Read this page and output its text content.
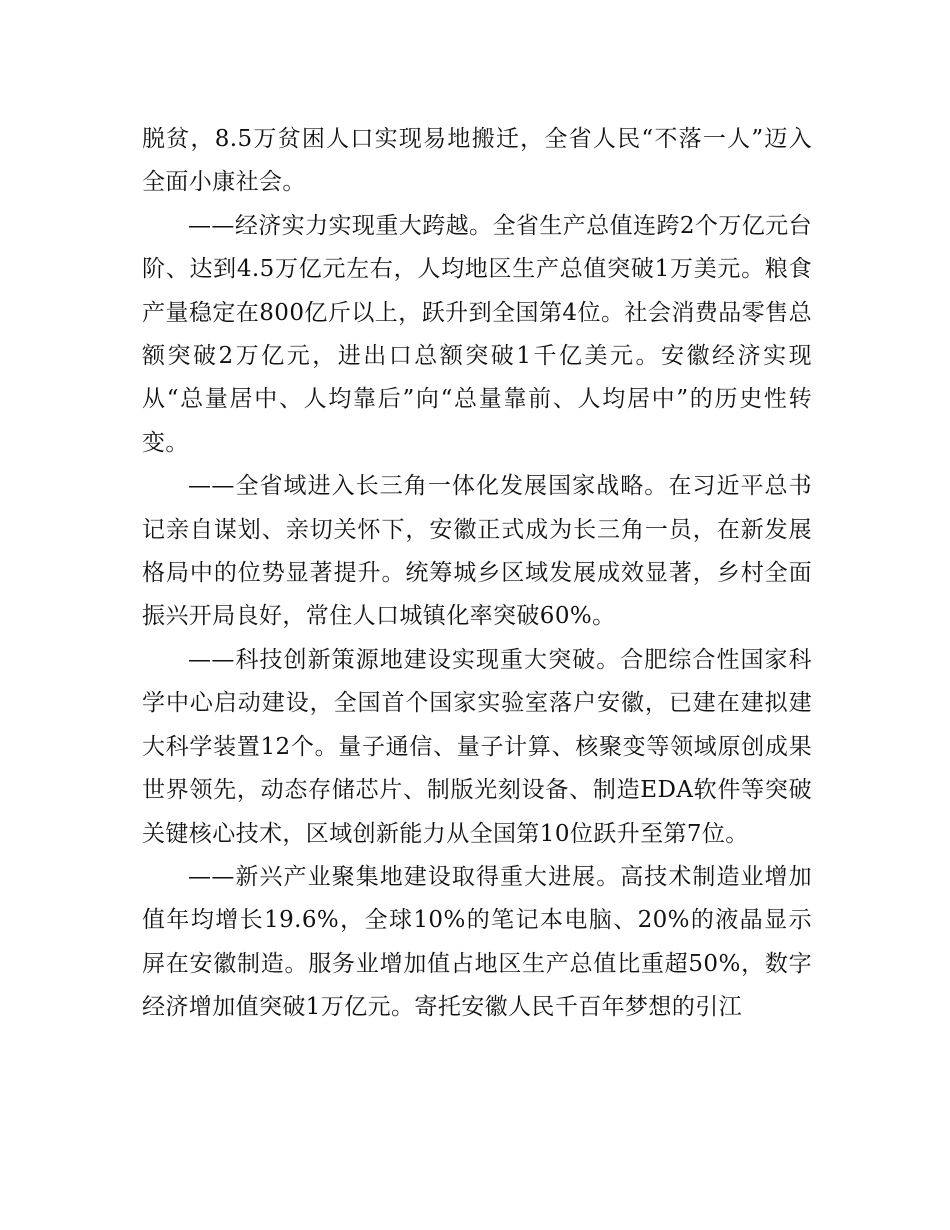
脱贫，8.5万贫困人口实现易地搬迁，全省人民“不落一人”迈入全面小康社会。

——经济实力实现重大跨越。全省生产总值连跨2个万亿元台阶、达到4.5万亿元左右，人均地区生产总值突破1万美元。粮食产量稳定在800亿斤以上，跃升到全国第4位。社会消费品零售总额突破2万亿元，进出口总额突破1千亿美元。安徽经济实现从“总量居中、人均靠后”向“总量靠前、人均居中”的历史性转变。

——全省域进入长三角一体化发展国家战略。在习近平总书记亲自谋划、亲切关怀下，安徽正式成为长三角一员，在新发展格局中的位势显著提升。统筹城乡区域发展成效显著，乡村全面振兴开局良好，常住人口城镇化率突破60%。

——科技创新策源地建设实现重大突破。合肥综合性国家科学中心启动建设，全国首个国家实验室落户安徽，已建在建拟建大科学装置12个。量子通信、量子计算、核聚变等领域原创成果世界领先，动态存储芯片、制版光刻设备、制造EDA软件等突破关键核心技术，区域创新能力从全国第10位跃升至第7位。

——新兴产业聚集地建设取得重大进展。高技术制造业增加值年均增长19.6%，全球10%的笔记本电脑、20%的液晶显示屏在安徽制造。服务业增加值占地区生产总值比重超50%，数字经济增加值突破1万亿元。寄托安徽人民千百年梦想的引江
